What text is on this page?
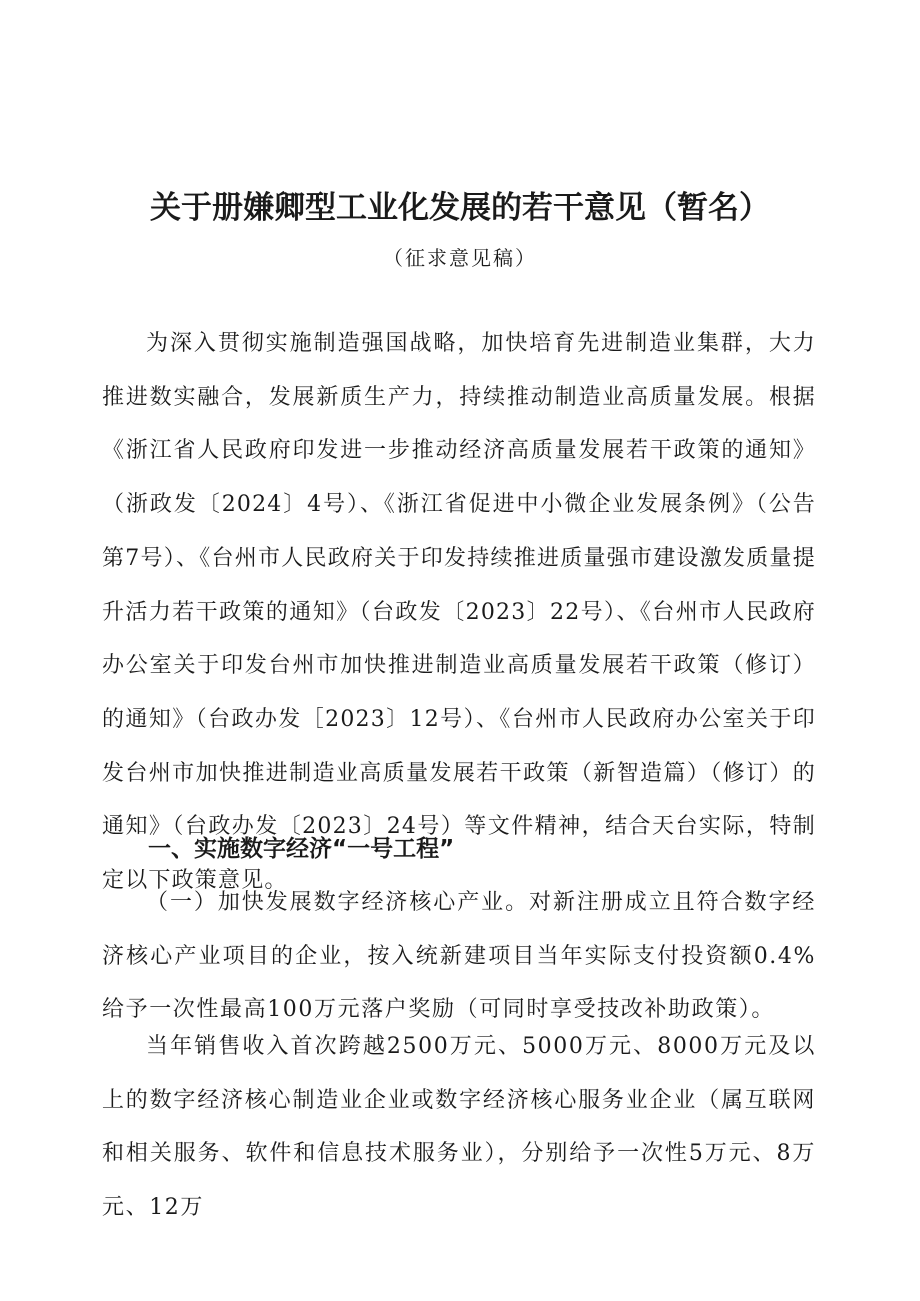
关于册嫌卿型工业化发展的若干意见（暂名）
（征求意见稿）

为深入贯彻实施制造强国战略，加快培育先进制造业集群，大力推进数实融合，发展新质生产力，持续推动制造业高质量发展。根据《浙江省人民政府印发进一步推动经济高质量发展若干政策的通知》（浙政发〔2024〕4号）、《浙江省促进中小微企业发展条例》（公告第7号）、《台州市人民政府关于印发持续推进质量强市建设激发质量提升活力若干政策的通知》（台政发〔2023〕22号）、《台州市人民政府办公室关于印发台州市加快推进制造业高质量发展若干政策（修订）的通知》（台政办发［2023〕12号）、《台州市人民政府办公室关于印发台州市加快推进制造业高质量发展若干政策（新智造篇）（修订）的通知》（台政办发〔2023〕24号）等文件精神，结合天台实际，特制定以下政策意见。

一、实施数字经济“一号工程”

（一）加快发展数字经济核心产业。对新注册成立且符合数字经济核心产业项目的企业，按入统新建项目当年实际支付投资额0.4%给予一次性最高100万元落户奖励（可同时享受技改补助政策）。

当年销售收入首次跨越2500万元、5000万元、8000万元及以上的数字经济核心制造业企业或数字经济核心服务业企业（属互联网和相关服务、软件和信息技术服务业），分别给予一次性5万元、8万元、12万
